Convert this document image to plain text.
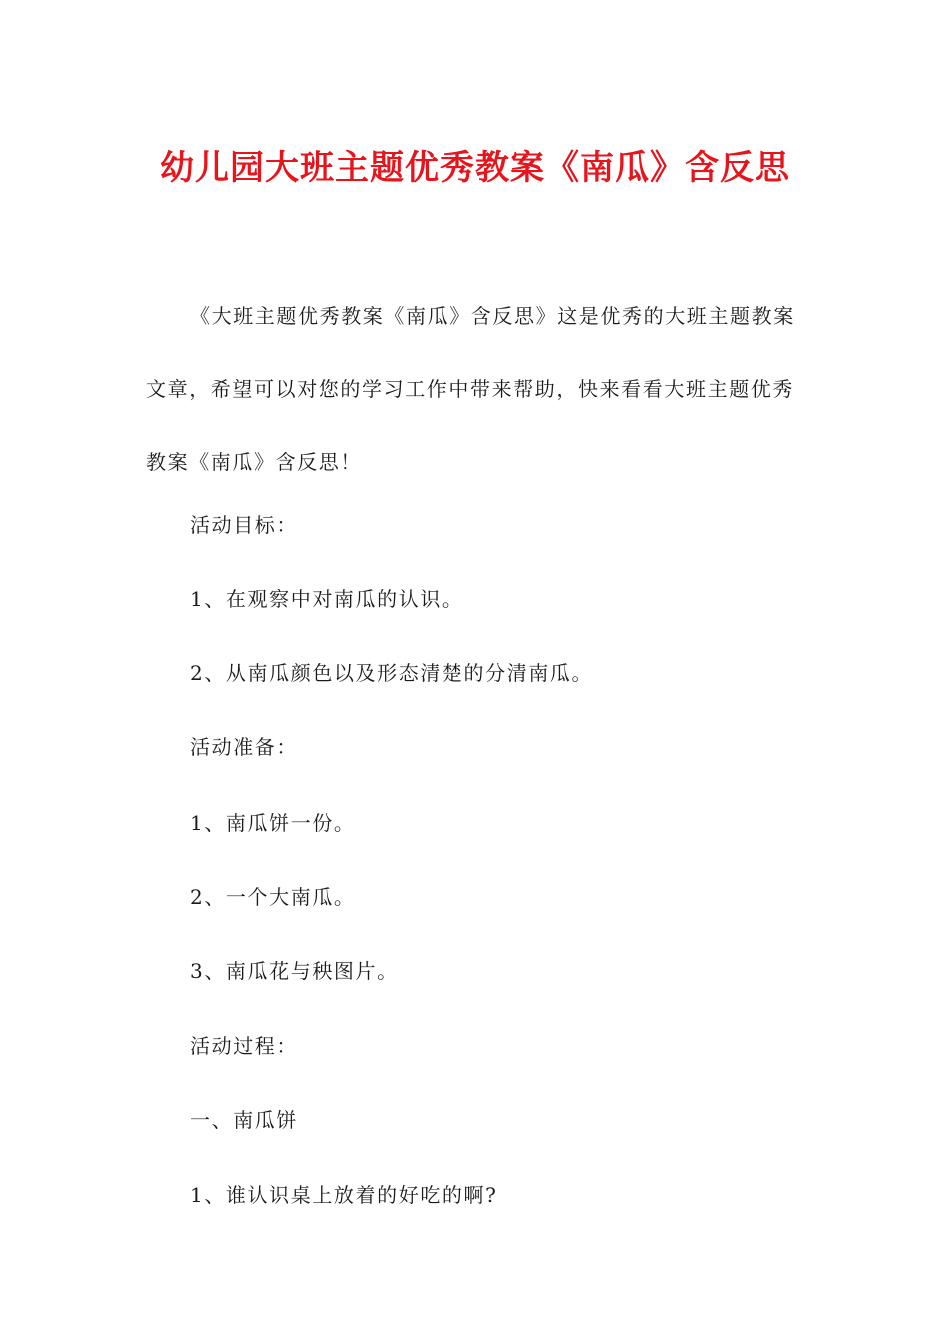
幼儿园大班主题优秀教案《南瓜》含反思

《大班主题优秀教案《南瓜》含反思》这是优秀的大班主题教案文章，希望可以对您的学习工作中带来帮助，快来看看大班主题优秀教案《南瓜》含反思！

活动目标：

1、在观察中对南瓜的认识。

2、从南瓜颜色以及形态清楚的分清南瓜。

活动准备：

1、南瓜饼一份。

2、一个大南瓜。

3、南瓜花与秧图片。

活动过程：

一、南瓜饼

1、谁认识桌上放着的好吃的啊?
